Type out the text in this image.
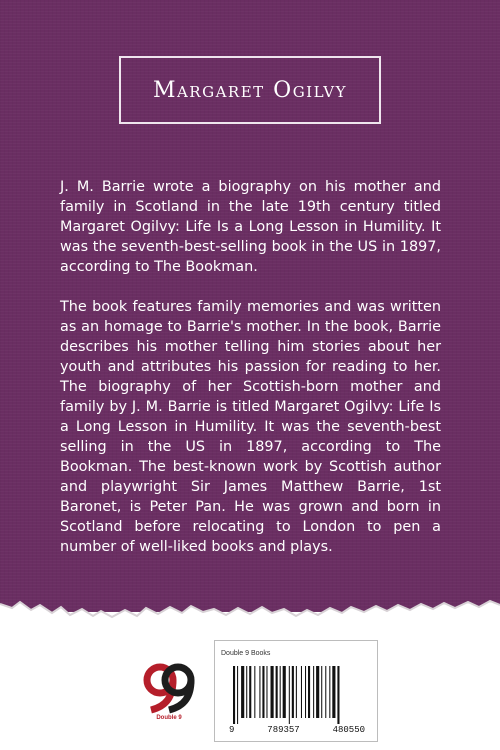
Margaret Ogilvy

J. M. Barrie wrote a biography on his mother and family in Scotland in the late 19th century titled Margaret Ogilvy: Life Is a Long Lesson in Humility. It was the seventh-best-selling book in the US in 1897, according to The Bookman.

The book features family memories and was written as an homage to Barrie's mother. In the book, Barrie describes his mother telling him stories about her youth and attributes his passion for reading to her. The biography of her Scottish-born mother and family by J. M. Barrie is titled Margaret Ogilvy: Life Is a Long Lesson in Humility. It was the seventh-best selling in the US in 1897, according to The Bookman. The best-known work by Scottish author and playwright Sir James Matthew Barrie, 1st Baronet, is Peter Pan. He was grown and born in Scotland before relocating to London to pen a number of well-liked books and plays.

Double 9
Double 9 Books
9	789357	480550
